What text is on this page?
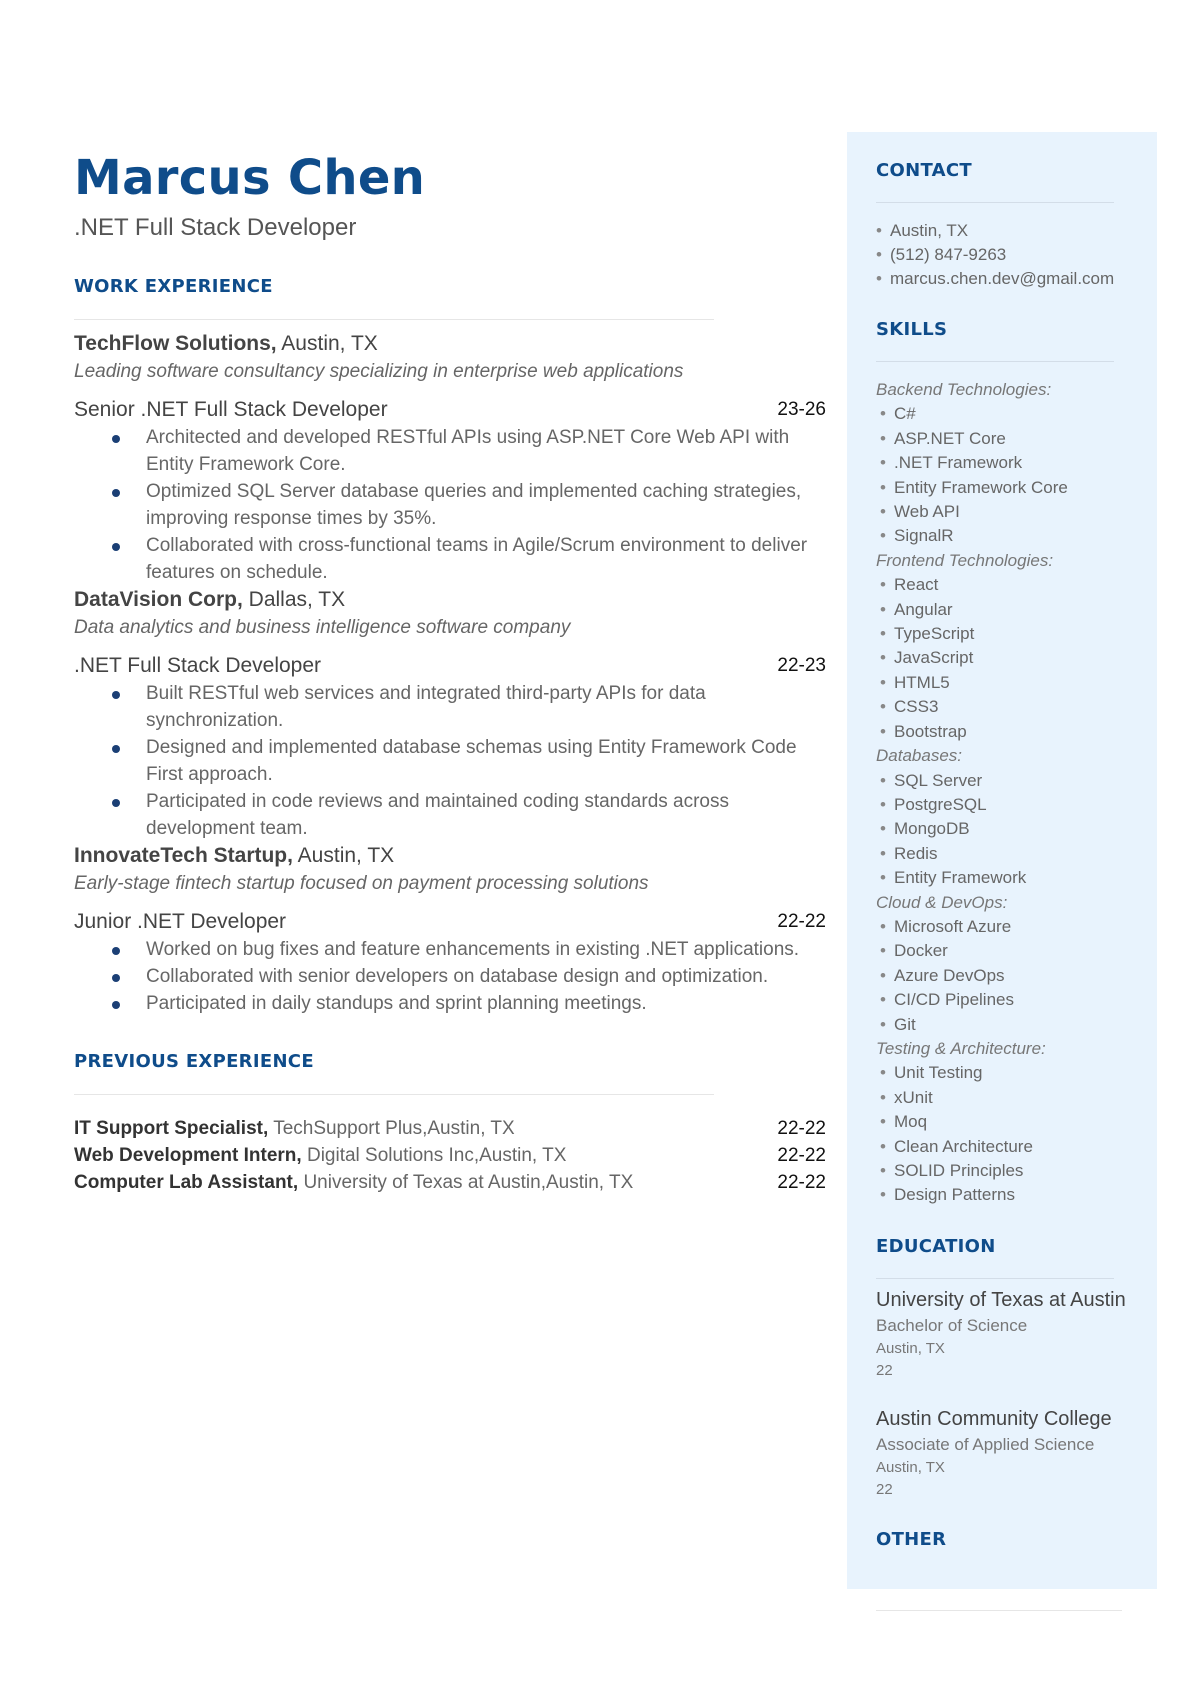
Marcus Chen
.NET Full Stack Developer
WORK EXPERIENCE
TechFlow Solutions, Austin, TX
Leading software consultancy specializing in enterprise web applications
Senior .NET Full Stack Developer	23-26
Architected and developed RESTful APIs using ASP.NET Core Web API with Entity Framework Core.
Optimized SQL Server database queries and implemented caching strategies, improving response times by 35%.
Collaborated with cross-functional teams in Agile/Scrum environment to deliver features on schedule.
DataVision Corp, Dallas, TX
Data analytics and business intelligence software company
.NET Full Stack Developer	22-23
Built RESTful web services and integrated third-party APIs for data synchronization.
Designed and implemented database schemas using Entity Framework Code First approach.
Participated in code reviews and maintained coding standards across development team.
InnovateTech Startup, Austin, TX
Early-stage fintech startup focused on payment processing solutions
Junior .NET Developer	22-22
Worked on bug fixes and feature enhancements in existing .NET applications.
Collaborated with senior developers on database design and optimization.
Participated in daily standups and sprint planning meetings.
PREVIOUS EXPERIENCE
IT Support Specialist, TechSupport Plus,Austin, TX	22-22
Web Development Intern, Digital Solutions Inc,Austin, TX	22-22
Computer Lab Assistant, University of Texas at Austin,Austin, TX	22-22
CONTACT
• Austin, TX
• (512) 847-9263
• marcus.chen.dev@gmail.com
SKILLS
Backend Technologies:
• C#
• ASP.NET Core
• .NET Framework
• Entity Framework Core
• Web API
• SignalR
Frontend Technologies:
• React
• Angular
• TypeScript
• JavaScript
• HTML5
• CSS3
• Bootstrap
Databases:
• SQL Server
• PostgreSQL
• MongoDB
• Redis
• Entity Framework
Cloud & DevOps:
• Microsoft Azure
• Docker
• Azure DevOps
• CI/CD Pipelines
• Git
Testing & Architecture:
• Unit Testing
• xUnit
• Moq
• Clean Architecture
• SOLID Principles
• Design Patterns
EDUCATION
University of Texas at Austin
Bachelor of Science
Austin, TX
22
Austin Community College
Associate of Applied Science
Austin, TX
22
OTHER
